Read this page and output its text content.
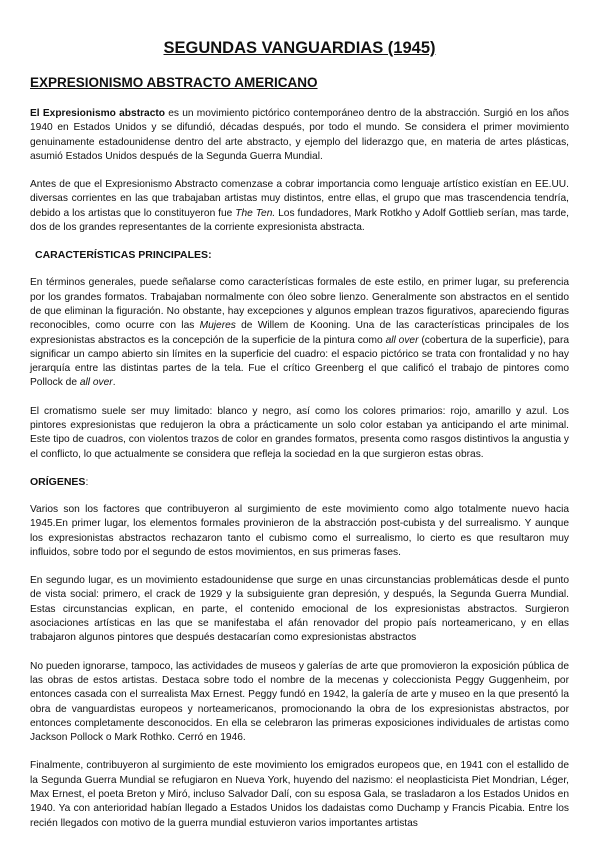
SEGUNDAS VANGUARDIAS (1945)
EXPRESIONISMO ABSTRACTO AMERICANO

El Expresionismo abstracto es un movimiento pictórico contemporáneo dentro de la abstracción. Surgió en los años 1940 en Estados Unidos y se difundió, décadas después, por todo el mundo. Se considera el primer movimiento genuinamente estadounidense dentro del arte abstracto, y ejemplo del liderazgo que, en materia de artes plásticas, asumió Estados Unidos después de la Segunda Guerra Mundial.

Antes de que el Expresionismo Abstracto comenzase a cobrar importancia como lenguaje artístico existían en EE.UU. diversas corrientes en las que trabajaban artistas muy distintos, entre ellas, el grupo que mas trascendencia tendría, debido a los artistas que lo constituyeron fue The Ten. Los fundadores, Mark Rotkho y Adolf Gottlieb serían, mas tarde, dos de los grandes representantes de la corriente expresionista abstracta.

CARACTERÍSTICAS PRINCIPALES:

En términos generales, puede señalarse como características formales de este estilo, en primer lugar, su preferencia por los grandes formatos. Trabajaban normalmente con óleo sobre lienzo. Generalmente son abstractos en el sentido de que eliminan la figuración. No obstante, hay excepciones y algunos emplean trazos figurativos, apareciendo figuras reconocibles, como ocurre con las Mujeres de Willem de Kooning. Una de las características principales de los expresionistas abstractos es la concepción de la superficie de la pintura como all over (cobertura de la superficie), para significar un campo abierto sin límites en la superficie del cuadro: el espacio pictórico se trata con frontalidad y no hay jerarquía entre las distintas partes de la tela. Fue el crítico Greenberg el que calificó el trabajo de pintores como Pollock de all over.

El cromatismo suele ser muy limitado: blanco y negro, así como los colores primarios: rojo, amarillo y azul. Los pintores expresionistas que redujeron la obra a prácticamente un solo color estaban ya anticipando el arte minimal. Este tipo de cuadros, con violentos trazos de color en grandes formatos, presenta como rasgos distintivos la angustia y el conflicto, lo que actualmente se considera que refleja la sociedad en la que surgieron estas obras.

ORÍGENES:

Varios son los factores que contribuyeron al surgimiento de este movimiento como algo totalmente nuevo hacia 1945.En primer lugar, los elementos formales provinieron de la abstracción post-cubista y del surrealismo. Y aunque los expresionistas abstractos rechazaron tanto el cubismo como el surrealismo, lo cierto es que resultaron muy influidos, sobre todo por el segundo de estos movimientos, en sus primeras fases.

En segundo lugar, es un movimiento estadounidense que surge en unas circunstancias problemáticas desde el punto de vista social: primero, el crack de 1929 y la subsiguiente gran depresión, y después, la Segunda Guerra Mundial. Estas circunstancias explican, en parte, el contenido emocional de los expresionistas abstractos. Surgieron asociaciones artísticas en las que se manifestaba el afán renovador del propio país norteamericano, y en ellas trabajaron algunos pintores que después destacarían como expresionistas abstractos

No pueden ignorarse, tampoco, las actividades de museos y galerías de arte que promovieron la exposición pública de las obras de estos artistas. Destaca sobre todo el nombre de la mecenas y coleccionista Peggy Guggenheim, por entonces casada con el surrealista Max Ernest. Peggy fundó en 1942, la galería de arte y museo en la que presentó la obra de vanguardistas europeos y norteamericanos, promocionando la obra de los expresionistas abstractos, por entonces completamente desconocidos. En ella se celebraron las primeras exposiciones individuales de artistas como Jackson Pollock o Mark Rothko. Cerró en 1946.

Finalmente, contribuyeron al surgimiento de este movimiento los emigrados europeos que, en 1941 con el estallido de la Segunda Guerra Mundial se refugiaron en Nueva York, huyendo del nazismo: el neoplasticista Piet Mondrian, Léger, Max Ernest, el poeta Breton y Miró, incluso Salvador Dalí, con su esposa Gala, se trasladaron a los Estados Unidos en 1940. Ya con anterioridad habían llegado a Estados Unidos los dadaistas como Duchamp y Francis Picabia. Entre los recién llegados con motivo de la guerra mundial estuvieron varios importantes artistas
